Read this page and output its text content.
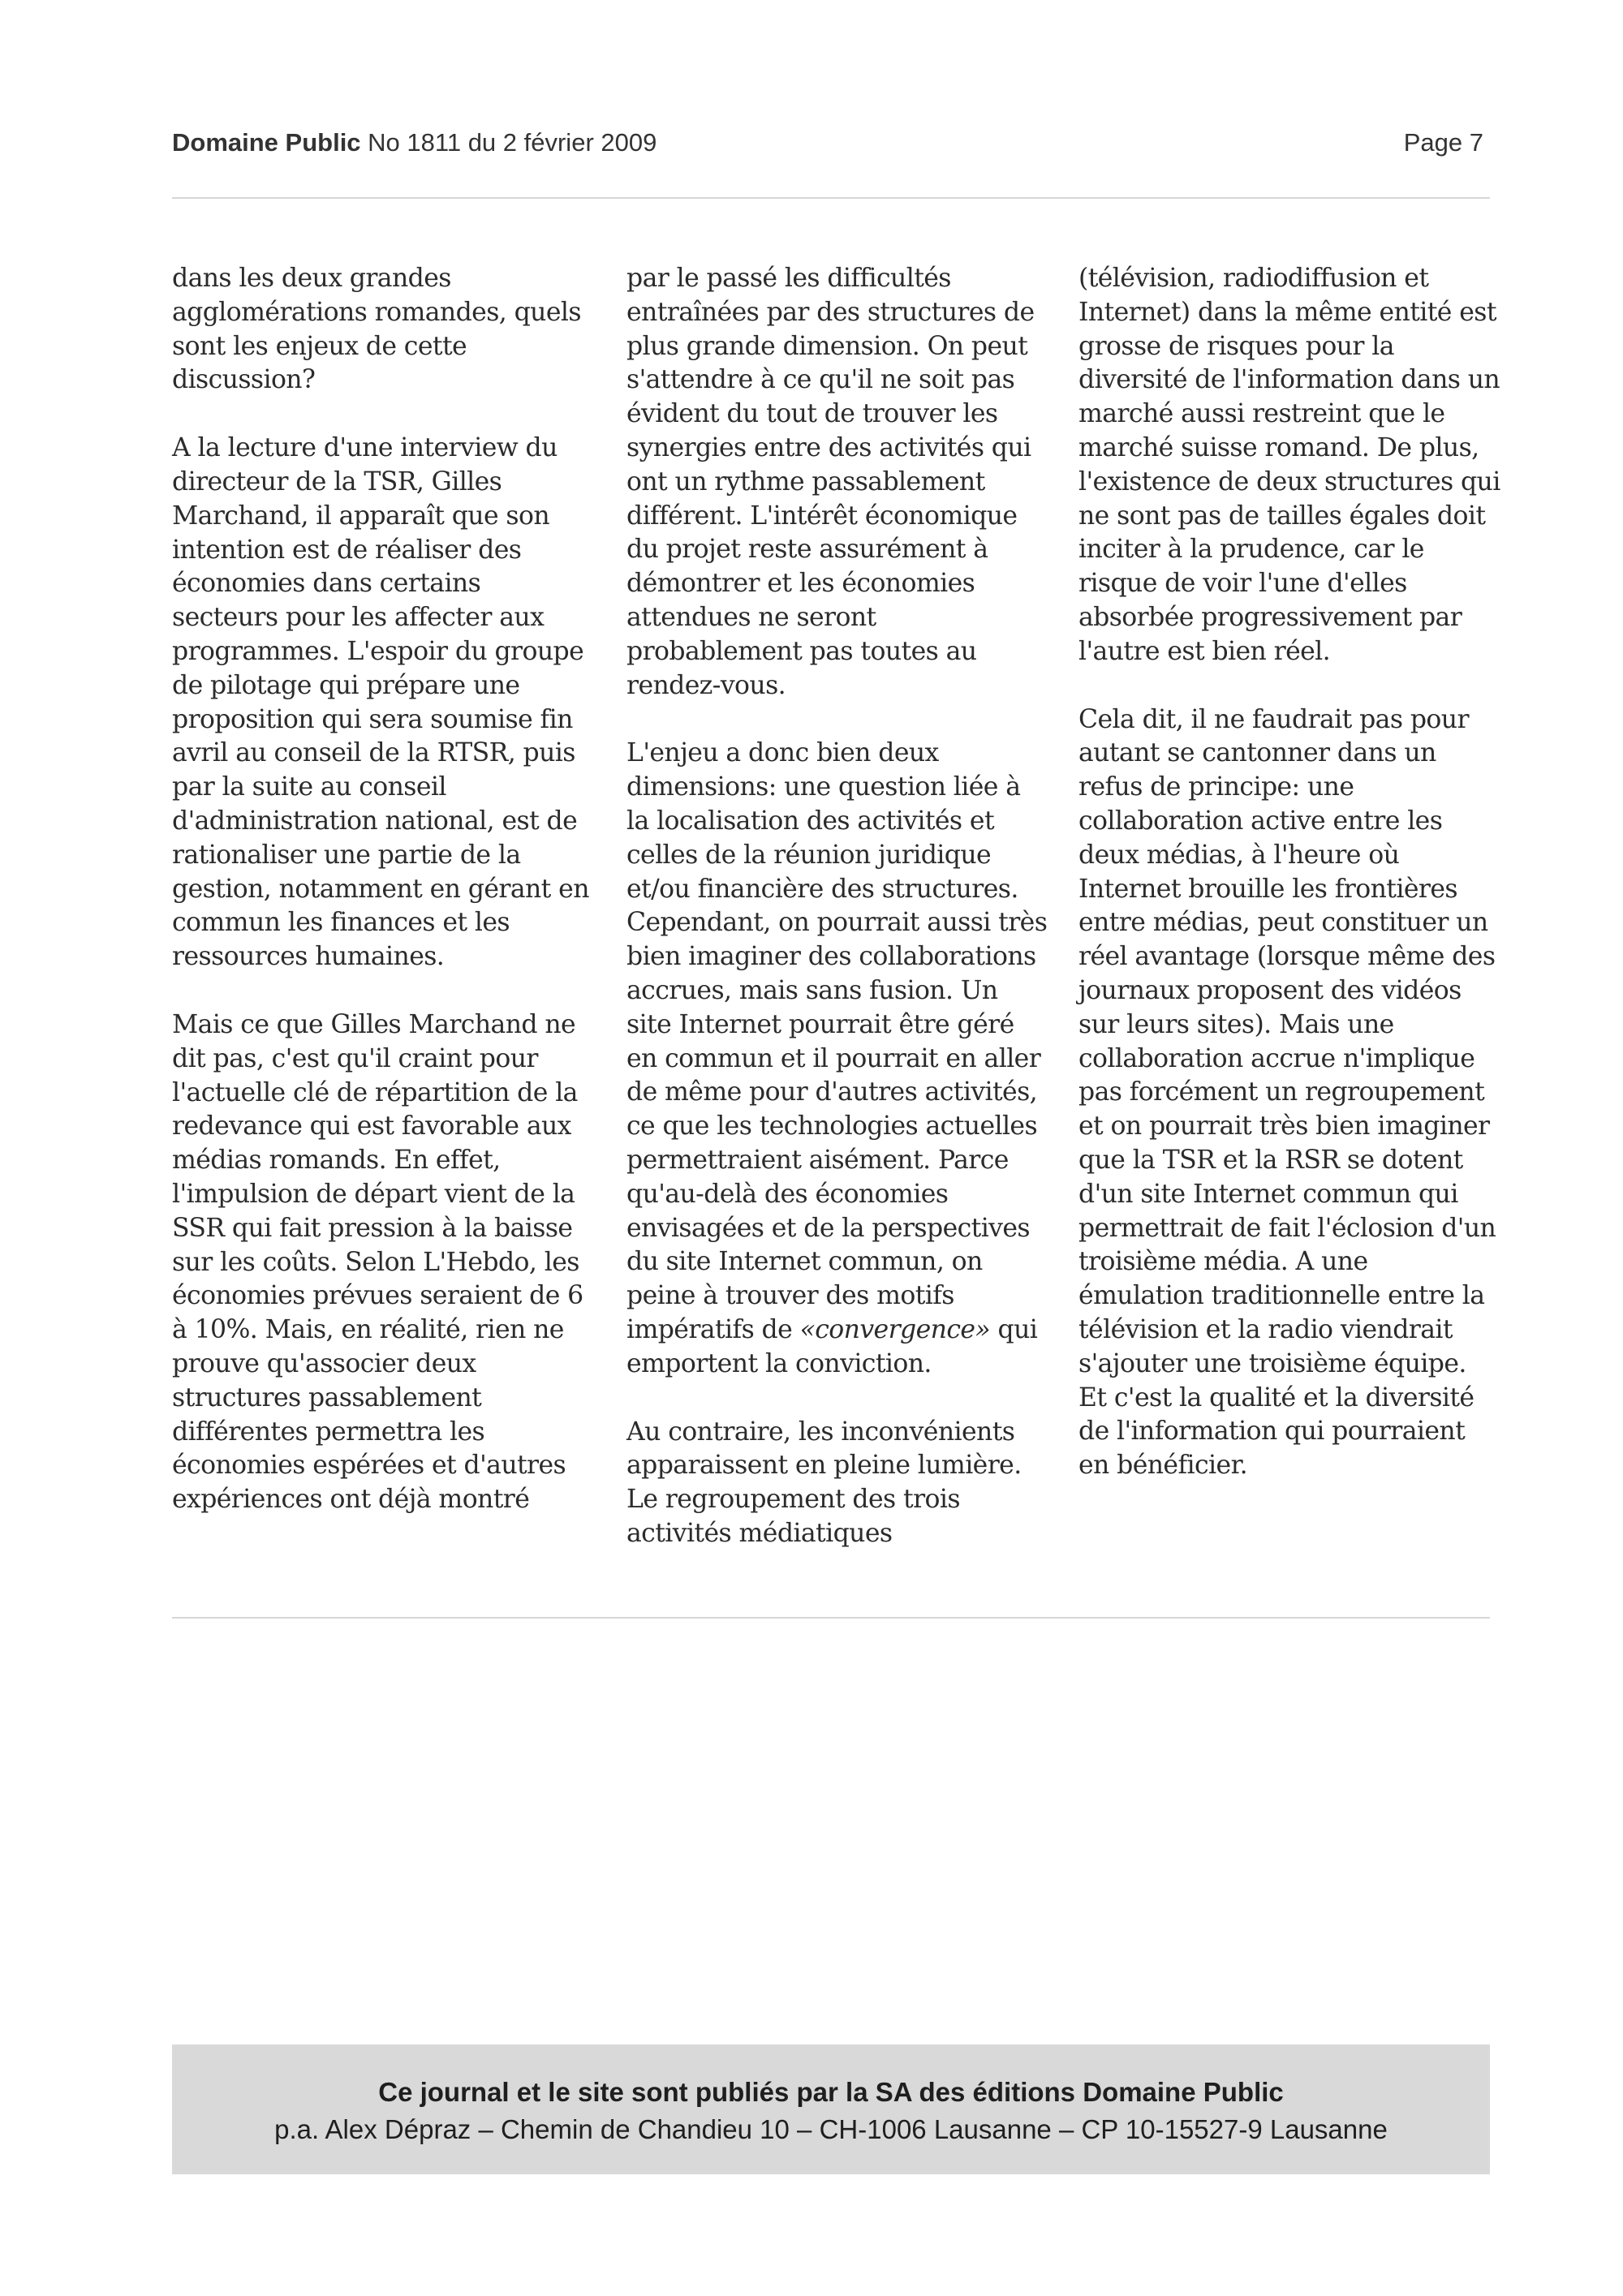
Domaine Public No 1811 du 2 février 2009	Page 7

dans les deux grandes agglomérations romandes, quels sont les enjeux de cette discussion?

A la lecture d'une interview du directeur de la TSR, Gilles Marchand, il apparaît que son intention est de réaliser des économies dans certains secteurs pour les affecter aux programmes. L'espoir du groupe de pilotage qui prépare une proposition qui sera soumise fin avril au conseil de la RTSR, puis par la suite au conseil d'administration national, est de rationaliser une partie de la gestion, notamment en gérant en commun les finances et les ressources humaines.

Mais ce que Gilles Marchand ne dit pas, c'est qu'il craint pour l'actuelle clé de répartition de la redevance qui est favorable aux médias romands. En effet, l'impulsion de départ vient de la SSR qui fait pression à la baisse sur les coûts. Selon L'Hebdo, les économies prévues seraient de 6 à 10%. Mais, en réalité, rien ne prouve qu'associer deux structures passablement différentes permettra les économies espérées et d'autres expériences ont déjà montré

par le passé les difficultés entraînées par des structures de plus grande dimension. On peut s'attendre à ce qu'il ne soit pas évident du tout de trouver les synergies entre des activités qui ont un rythme passablement différent. L'intérêt économique du projet reste assurément à démontrer et les économies attendues ne seront probablement pas toutes au rendez-vous.

L'enjeu a donc bien deux dimensions: une question liée à la localisation des activités et celles de la réunion juridique et/ou financière des structures. Cependant, on pourrait aussi très bien imaginer des collaborations accrues, mais sans fusion. Un site Internet pourrait être géré en commun et il pourrait en aller de même pour d'autres activités, ce que les technologies actuelles permettraient aisément. Parce qu'au-delà des économies envisagées et de la perspectives du site Internet commun, on peine à trouver des motifs impératifs de «convergence» qui emportent la conviction.

Au contraire, les inconvénients apparaissent en pleine lumière. Le regroupement des trois activités médiatiques

(télévision, radiodiffusion et Internet) dans la même entité est grosse de risques pour la diversité de l'information dans un marché aussi restreint que le marché suisse romand. De plus, l'existence de deux structures qui ne sont pas de tailles égales doit inciter à la prudence, car le risque de voir l'une d'elles absorbée progressivement par l'autre est bien réel.

Cela dit, il ne faudrait pas pour autant se cantonner dans un refus de principe: une collaboration active entre les deux médias, à l'heure où Internet brouille les frontières entre médias, peut constituer un réel avantage (lorsque même des journaux proposent des vidéos sur leurs sites). Mais une collaboration accrue n'implique pas forcément un regroupement et on pourrait très bien imaginer que la TSR et la RSR se dotent d'un site Internet commun qui permettrait de fait l'éclosion d'un troisième média. A une émulation traditionnelle entre la télévision et la radio viendrait s'ajouter une troisième équipe. Et c'est la qualité et la diversité de l'information qui pourraient en bénéficier.

Ce journal et le site sont publiés par la SA des éditions Domaine Public
p.a. Alex Dépraz – Chemin de Chandieu 10 – CH-1006 Lausanne – CP 10-15527-9 Lausanne
